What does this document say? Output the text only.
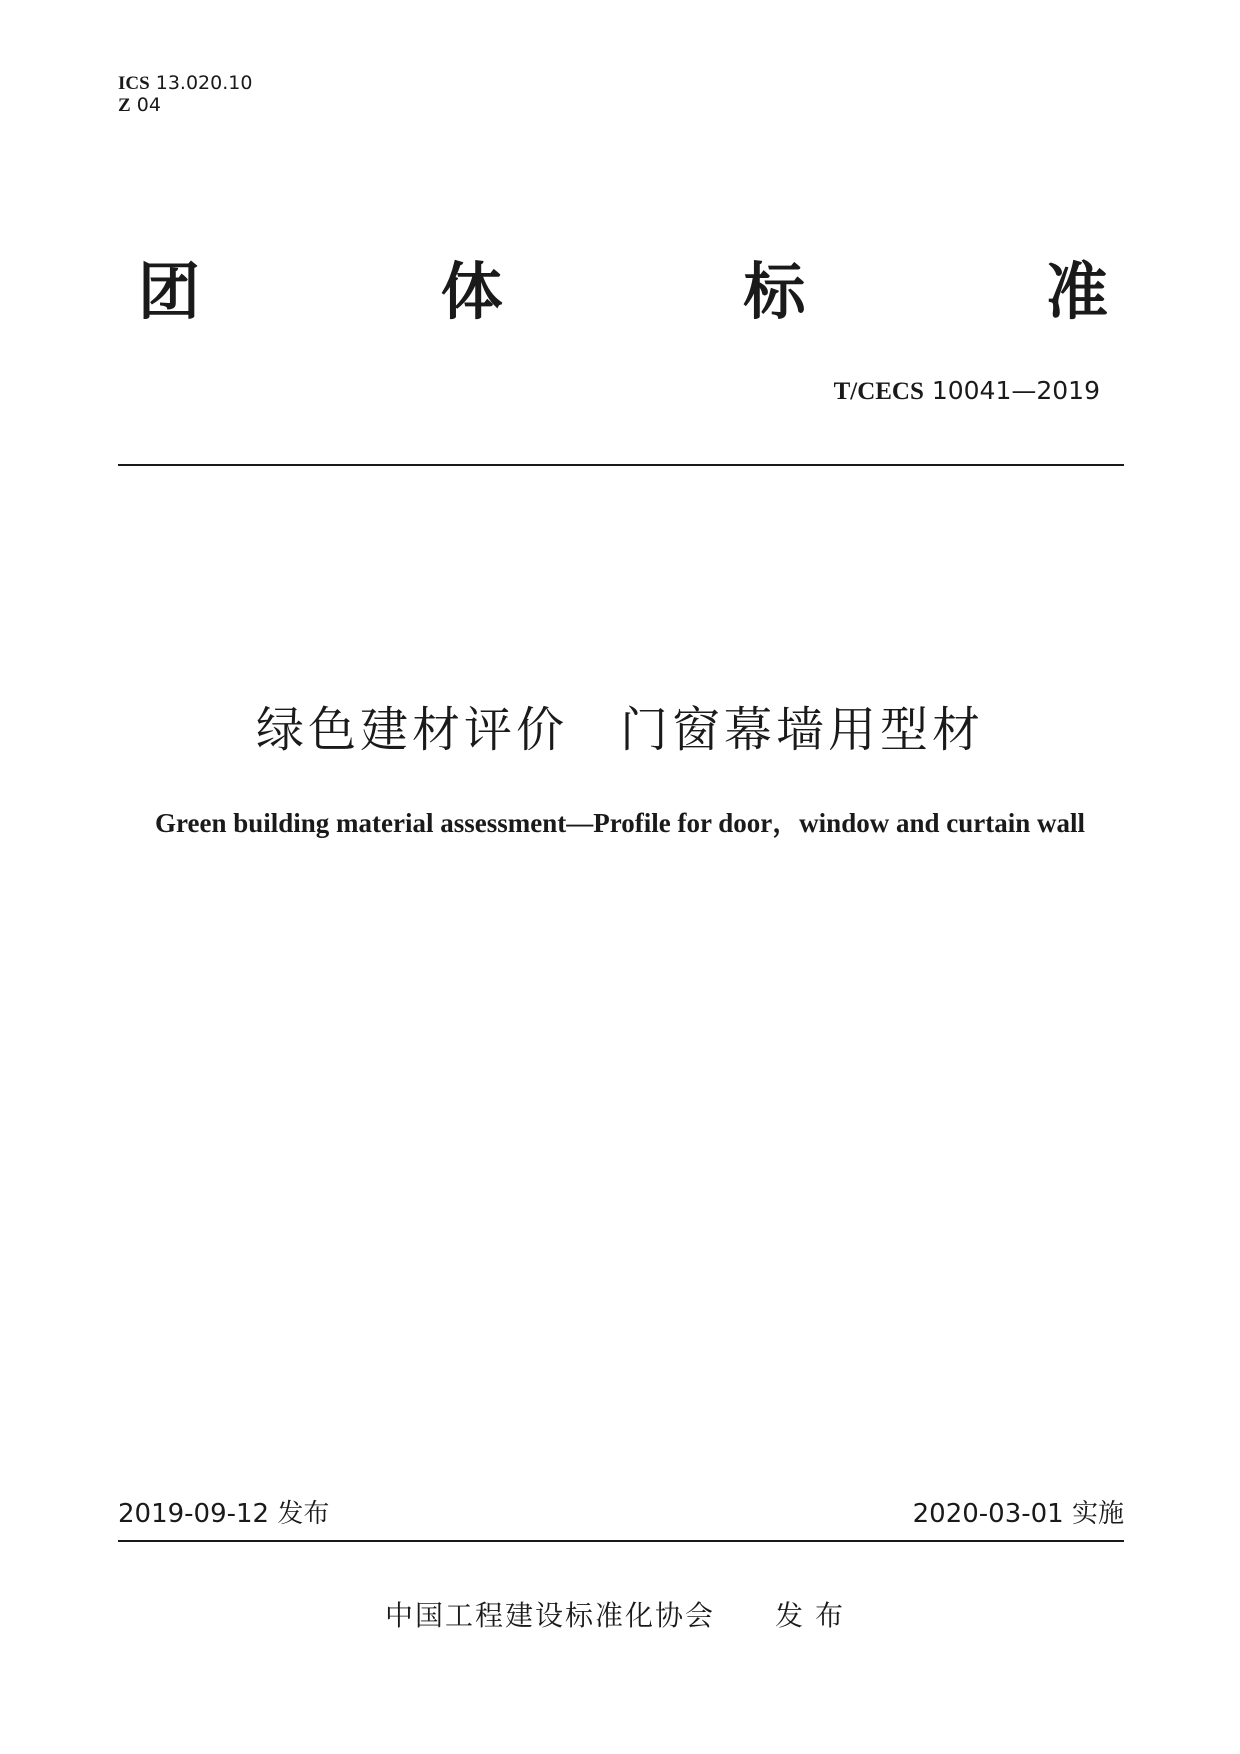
ICS 13.020.10
Z 04
团	体	标	准
T/CECS 10041—2019
绿色建材评价　门窗幕墙用型材
Green building material assessment—Profile for door，window and curtain wall
2019-09-12 发布	2020-03-01 实施
中国工程建设标准化协会 发布
